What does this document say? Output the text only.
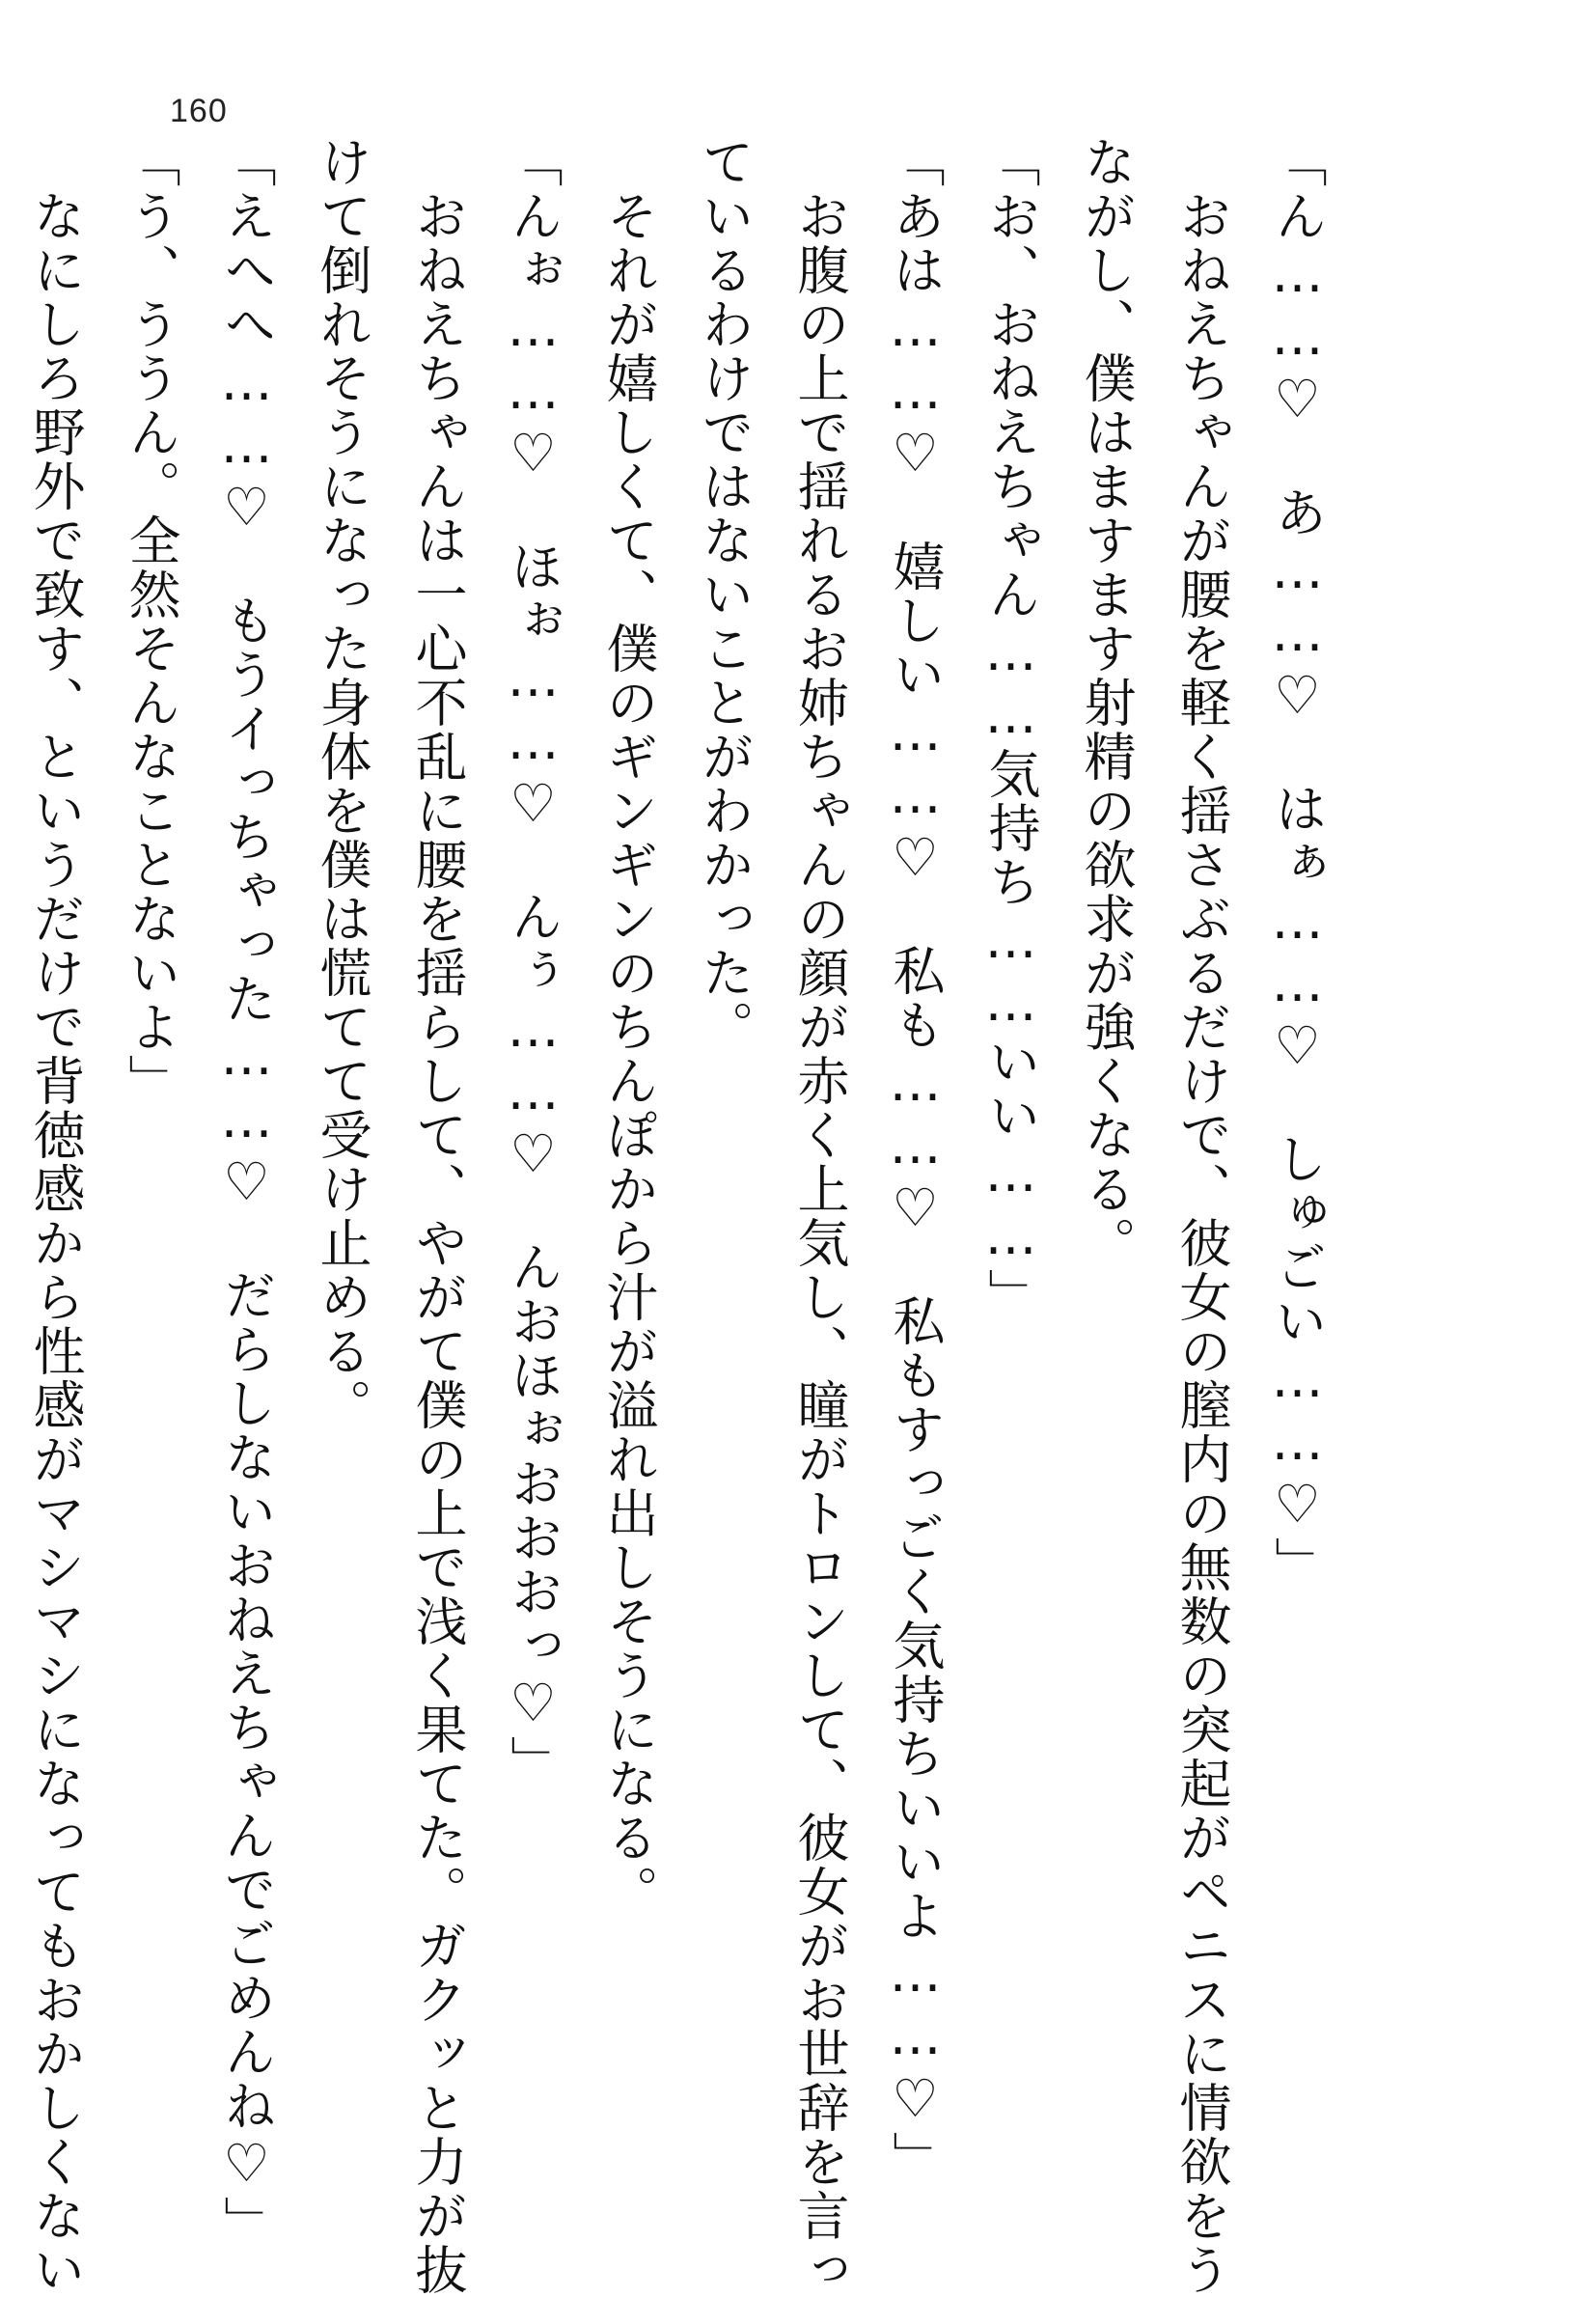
160
「ん……♡　あ……♡　はぁ……♡　しゅごい……♡」
　おねえちゃんが腰を軽く揺さぶるだけで、彼女の膣内の無数の突起がペニスに情欲をう
ながし、僕はますます射精の欲求が強くなる。
「お、おねえちゃん……気持ち……いい……」
「あは……♡　嬉しい……♡　私も……♡　私もすっごく気持ちいいよ……♡」
　お腹の上で揺れるお姉ちゃんの顔が赤く上気し、瞳がトロンして、彼女がお世辞を言っ
ているわけではないことがわかった。
　それが嬉しくて、僕のギンギンのちんぽから汁が溢れ出しそうになる。
「んぉ……♡　ほぉ……♡　んぅ……♡　んおほぉおおおっ♡」
　おねえちゃんは一心不乱に腰を揺らして、やがて僕の上で浅く果てた。ガクッと力が抜
けて倒れそうになった身体を僕は慌てて受け止める。
「えへへ……♡　もうイっちゃった……♡　だらしないおねえちゃんでごめんね♡」
「う、ううん。全然そんなことないよ」
　なにしろ野外で致す、というだけで背徳感から性感がマシマシになってもおかしくない
